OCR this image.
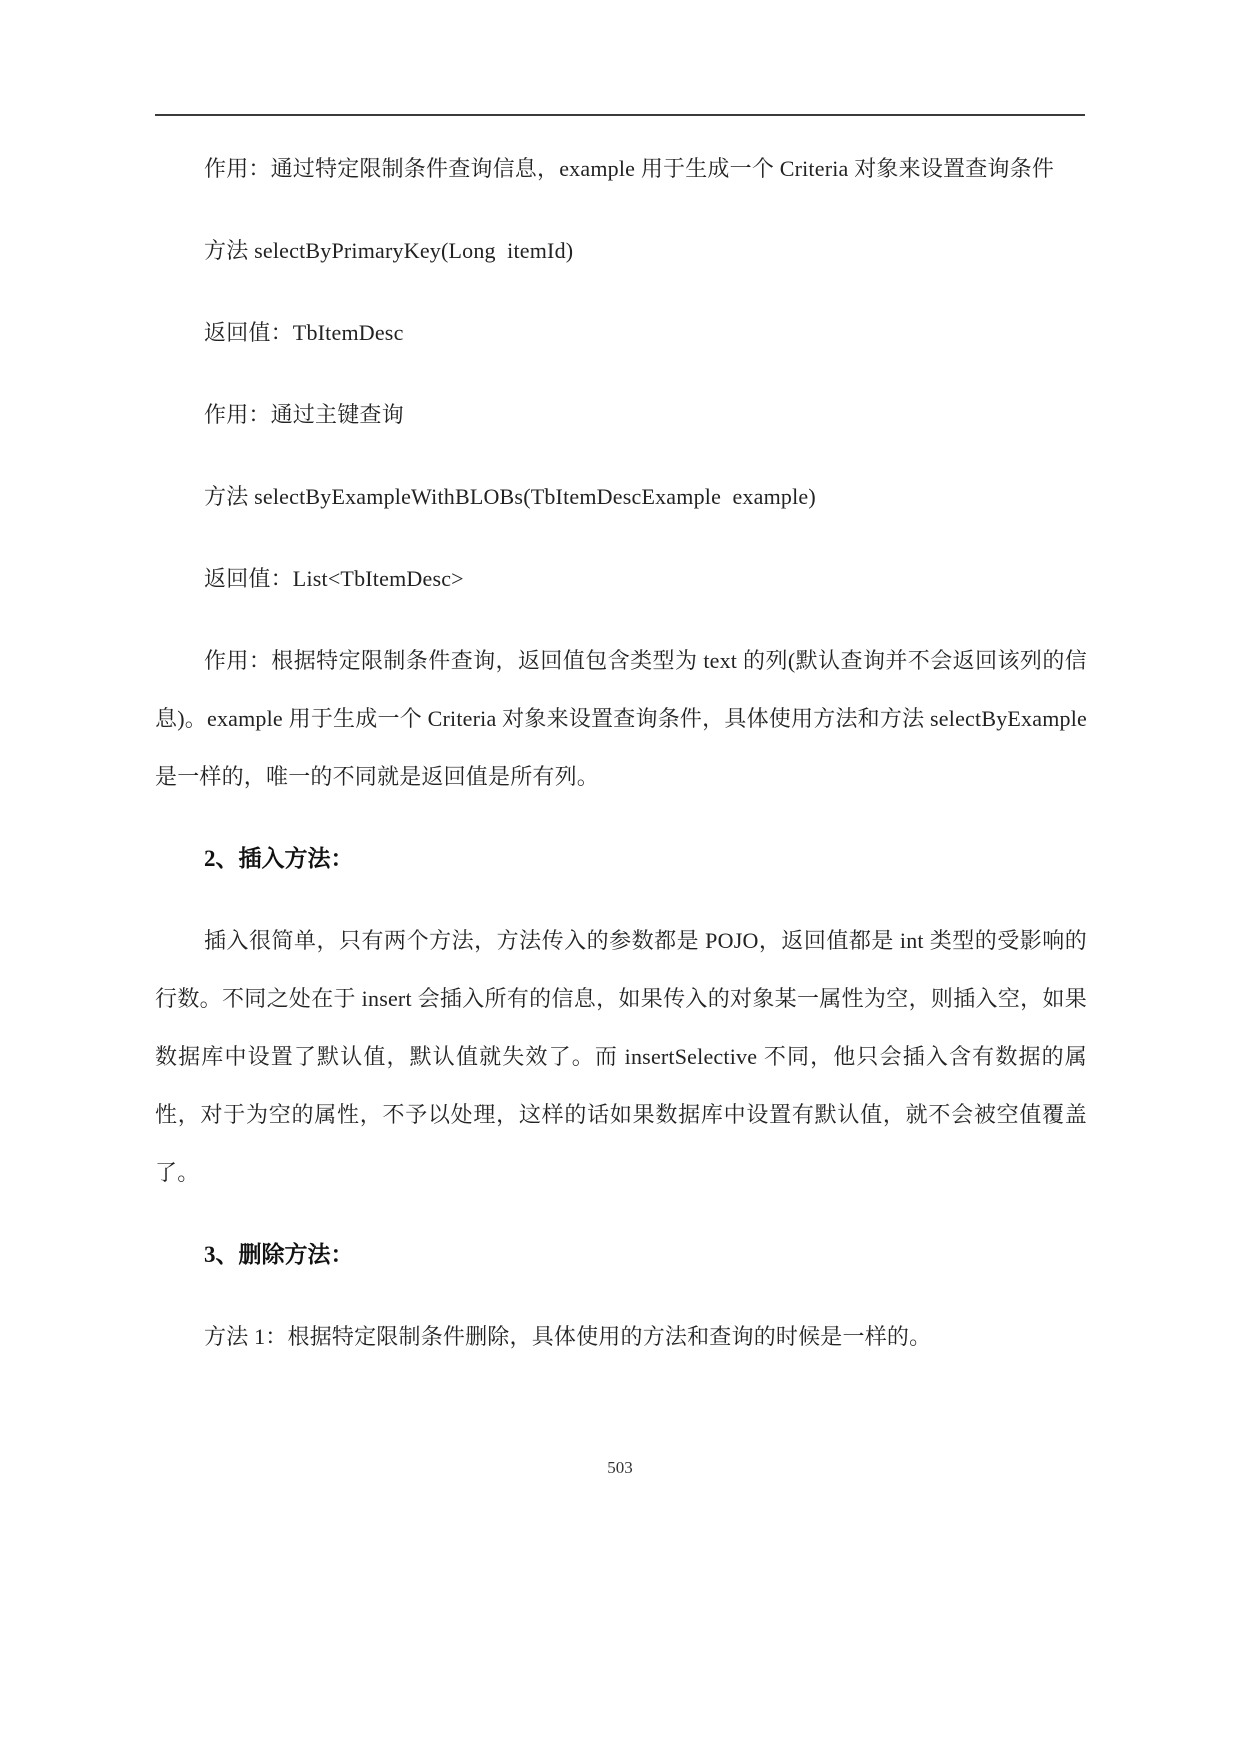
作用：通过特定限制条件查询信息，example 用于生成一个 Criteria 对象来设置查询条件

方法 selectByPrimaryKey(Long  itemId)

返回值：TbItemDesc

作用：通过主键查询

方法 selectByExampleWithBLOBs(TbItemDescExample  example)

返回值：List<TbItemDesc>

作用：根据特定限制条件查询，返回值包含类型为 text 的列(默认查询并不会返回该列的信息)。example 用于生成一个 Criteria 对象来设置查询条件，具体使用方法和方法 selectByExample 是一样的，唯一的不同就是返回值是所有列。

2、插入方法：

插入很简单，只有两个方法，方法传入的参数都是 POJO，返回值都是 int 类型的受影响的行数。不同之处在于 insert 会插入所有的信息，如果传入的对象某一属性为空，则插入空，如果数据库中设置了默认值，默认值就失效了。而 insertSelective 不同，他只会插入含有数据的属性，对于为空的属性，不予以处理，这样的话如果数据库中设置有默认值，就不会被空值覆盖了。

3、删除方法：

方法 1：根据特定限制条件删除，具体使用的方法和查询的时候是一样的。

503
